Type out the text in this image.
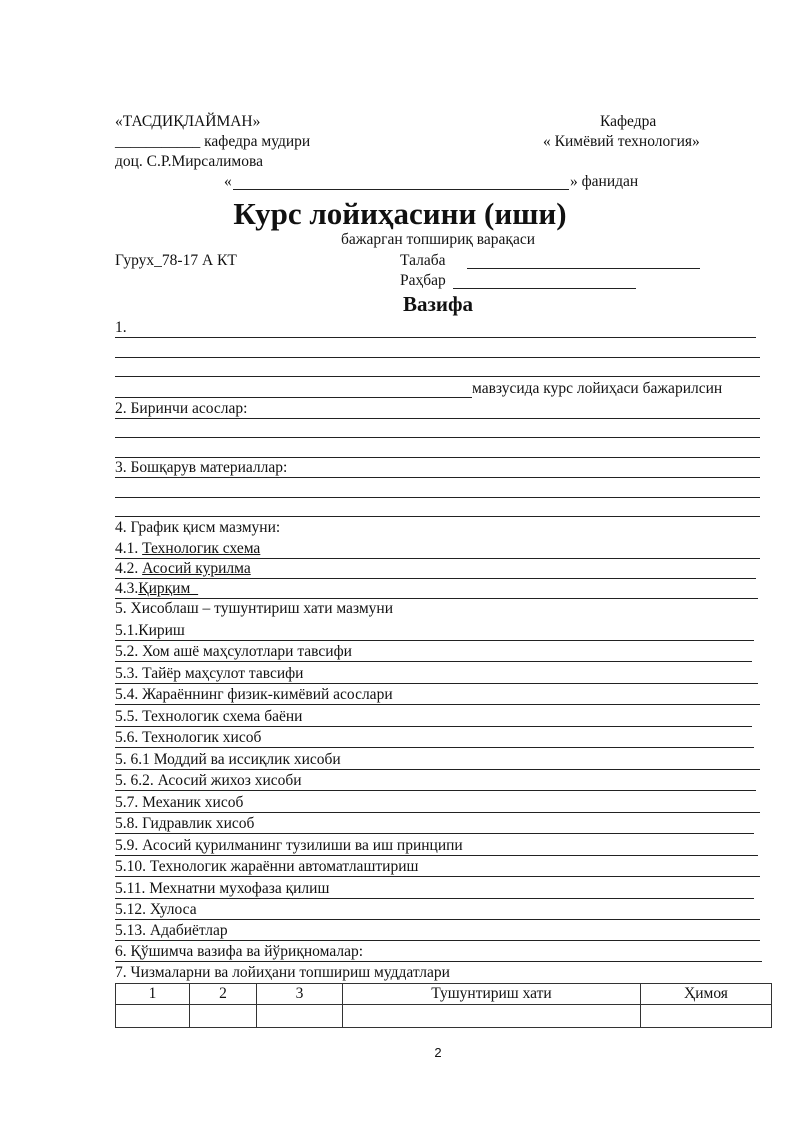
«ТАСДИҚЛАЙМАН»
___________ кафедра мудири
доц. С.Р.Мирсалимова
Кафедра
« Кимёвий технология»
«	» фанидан
Курс лойиҳасини (иши)
бажарган топшириқ варақаси
Гурух_78-17 А КТ	Талаба
Раҳбар
Вазифа
1.
мавзусида курс лойиҳаси бажарилсин
2. Биринчи асослар:
3. Бошқарув материаллар:
4. График қисм мазмуни:
4.1. Технологик схема
4.2. Асосий курилма
4.3.Қирқим_
5. Хисоблаш – тушунтириш хати мазмуни
5.1.Кириш
5.2. Хом ашё маҳсулотлари тавсифи
5.3. Тайёр маҳсулот тавсифи
5.4. Жараённинг физик-кимёвий асослари
5.5. Технологик схема баёни
5.6. Технологик хисоб
5. 6.1 Моддий ва иссиқлик хисоби
5. 6.2. Асосий жихоз хисоби
5.7. Механик хисоб
5.8. Гидравлик хисоб
5.9. Асосий қурилманинг тузилиши ва иш принципи
5.10. Технологик жараённи автоматлаштириш
5.11. Мехнатни мухофаза қилиш
5.12. Хулоса
5.13. Адабиётлар
6. Қўшимча вазифа ва йўриқномалар:
7. Чизмаларни ва лойиҳани топшириш муддатлари
1	2	3	Тушунтириш хати	Ҳимоя

2
